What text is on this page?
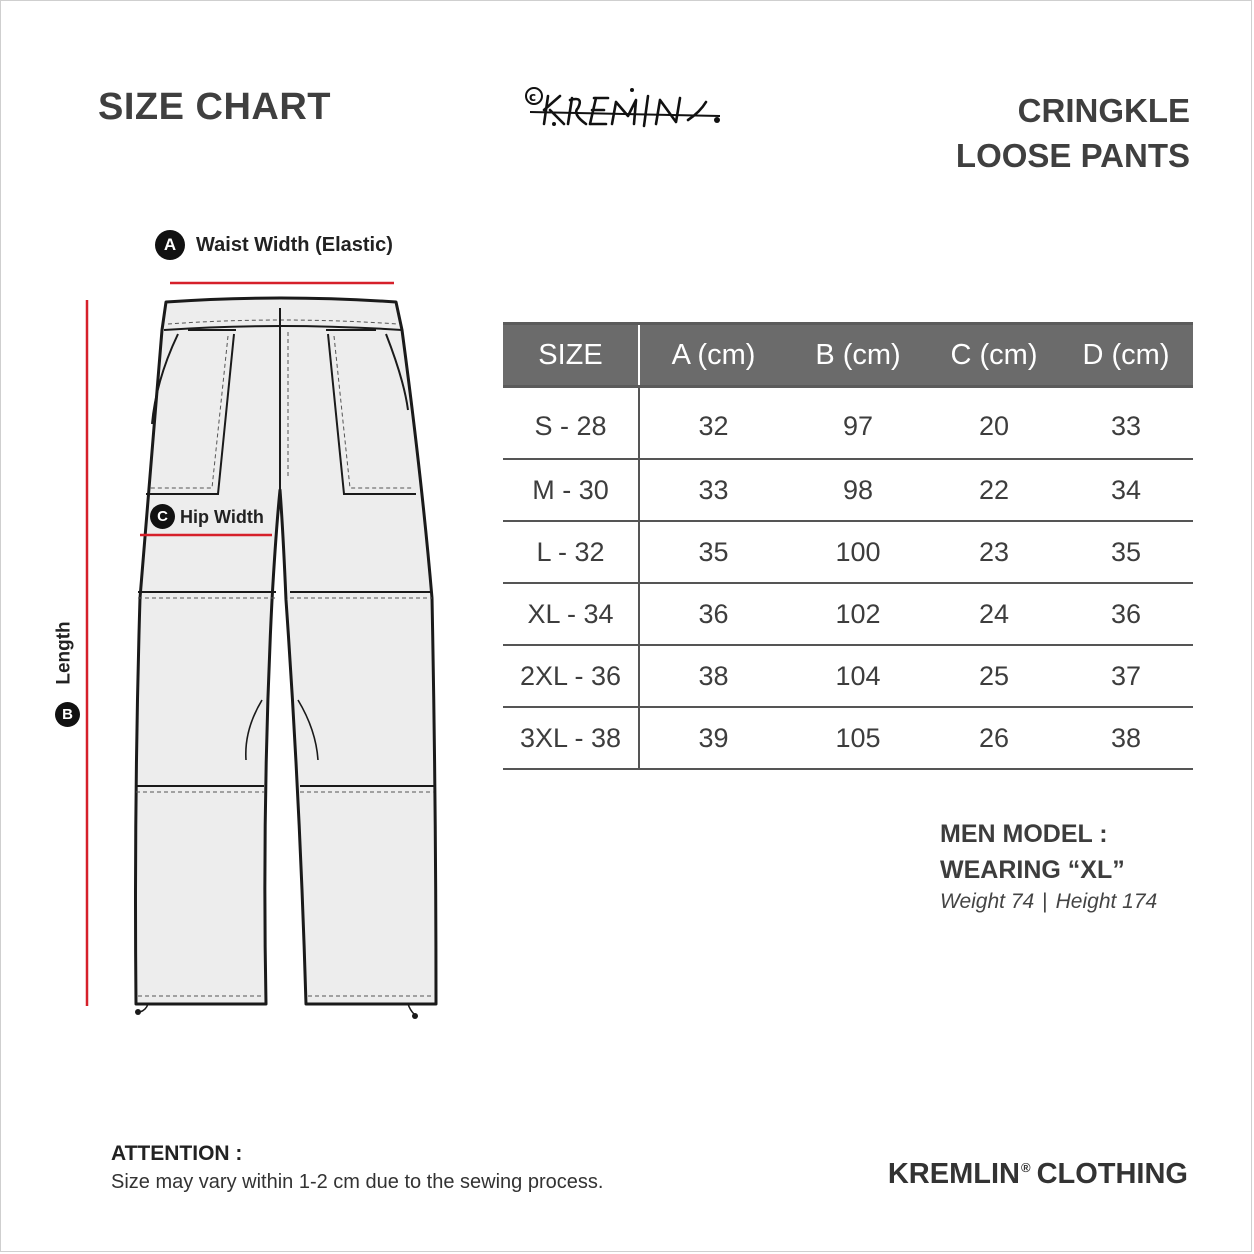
SIZE CHART	c	CRINGKLE
LOOSE PANTS
A Waist Width (Elastic)
C Hip Width
B
Length
SIZE	A (cm)	B (cm)	C (cm)	D (cm)
S - 28	32	97	20	33
M - 30	33	98	22	34
L - 32	35	100	23	35
XL - 34	36	102	24	36
2XL - 36	38	104	25	37
3XL - 38	39	105	26	38
MEN MODEL :
WEARING “XL”
Weight 74 | Height 174
ATTENTION :
Size may vary within 1-2 cm due to the sewing process.	KREMLIN® CLOTHING
